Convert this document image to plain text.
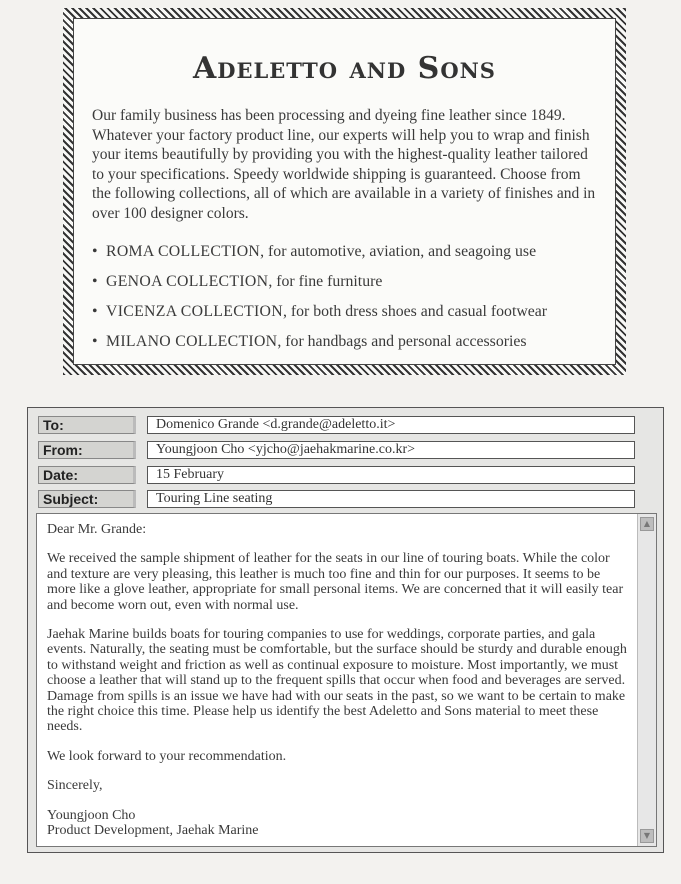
Adeletto and Sons
Our family business has been processing and dyeing fine leather since 1849. Whatever your factory product line, our experts will help you to wrap and finish your items beautifully by providing you with the highest-quality leather tailored to your specifications. Speedy worldwide shipping is guaranteed. Choose from the following collections, all of which are available in a variety of finishes and in over 100 designer colors.
• ROMA COLLECTION, for automotive, aviation, and seagoing use
• GENOA COLLECTION, for fine furniture
• VICENZA COLLECTION, for both dress shoes and casual footwear
• MILANO COLLECTION, for handbags and personal accessories
To:	Domenico Grande <d.grande@adeletto.it>
From:	Youngjoon Cho <yjcho@jaehakmarine.co.kr>
Date:	15 February
Subject:	Touring Line seating

Dear Mr. Grande:

We received the sample shipment of leather for the seats in our line of touring boats. While the color and texture are very pleasing, this leather is much too fine and thin for our purposes. It seems to be more like a glove leather, appropriate for small personal items. We are concerned that it will easily tear and become worn out, even with normal use.

Jaehak Marine builds boats for touring companies to use for weddings, corporate parties, and gala events. Naturally, the seating must be comfortable, but the surface should be sturdy and durable enough to withstand weight and friction as well as continual exposure to moisture. Most importantly, we must choose a leather that will stand up to the frequent spills that occur when food and beverages are served. Damage from spills is an issue we have had with our seats in the past, so we want to be certain to make the right choice this time. Please help us identify the best Adeletto and Sons material to meet these needs.

We look forward to your recommendation.

Sincerely,

Youngjoon Cho
Product Development, Jaehak Marine
▲
▼
